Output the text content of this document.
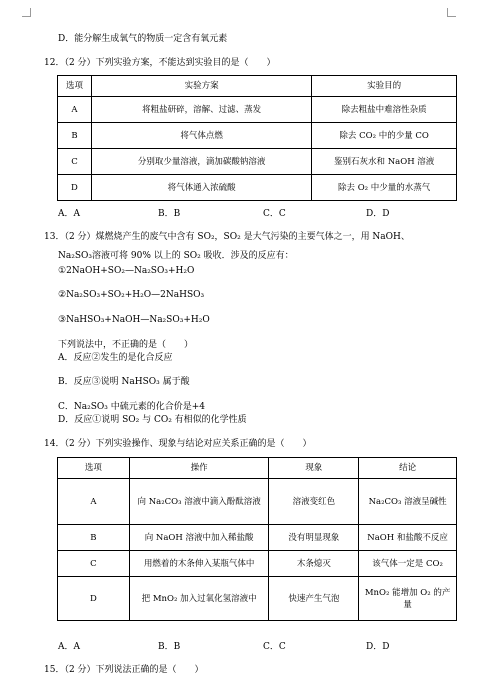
D．能分解生成氧气的物质一定含有氧元素
12．（2 分）下列实验方案，不能达到实验目的是（　　）
选项	实验方案	实验目的
A	将粗盐研碎，溶解、过滤、蒸发	除去粗盐中难溶性杂质
B	将气体点燃	除去 CO₂ 中的少量 CO
C	分别取少量溶液，滴加碳酸钠溶液	鉴别石灰水和 NaOH 溶液
D	将气体通入浓硫酸	除去 O₂ 中少量的水蒸气
A．A	B．B	C．C	D．D
13．（2 分）煤燃烧产生的废气中含有 SO₂，SO₂ 是大气污染的主要气体之一，用 NaOH、
Na₂SO₃溶液可将 90% 以上的 SO₂ 吸收．涉及的反应有：
①2NaOH+SO₂—Na₂SO₃+H₂O
②Na₂SO₃+SO₂+H₂O—2NaHSO₃
③NaHSO₃+NaOH—Na₂SO₃+H₂O
下列说法中，不正确的是（　　）
A．反应②发生的是化合反应
B．反应③说明 NaHSO₃ 属于酸
C．Na₂SO₃ 中硫元素的化合价是+4
D．反应①说明 SO₂ 与 CO₂ 有相似的化学性质
14．（2 分）下列实验操作、现象与结论对应关系正确的是（　　）
选项	操作	现象	结论
A	向 Na₂CO₃ 溶液中滴入酚酞溶液	溶液变红色	Na₂CO₃ 溶液呈碱性
B	向 NaOH 溶液中加入稀盐酸	没有明显现象	NaOH 和盐酸不反应
C	用燃着的木条伸入某瓶气体中	木条熄灭	该气体一定是 CO₂
D	把 MnO₂ 加入过氧化氢溶液中	快速产生气泡	MnO₂ 能增加 O₂ 的产量
A．A	B．B	C．C	D．D
15．（2 分）下列说法正确的是（　　）
